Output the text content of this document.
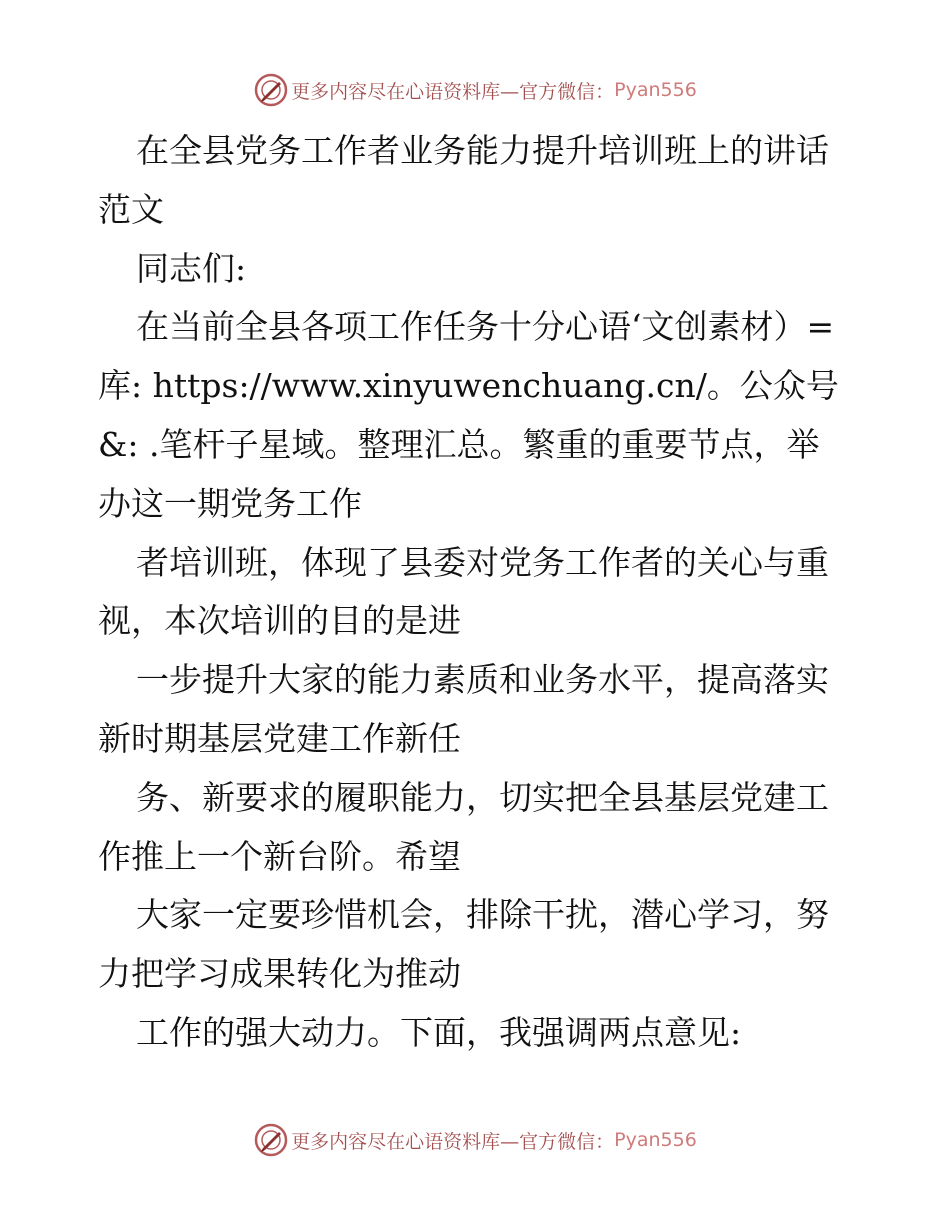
更多内容尽在心语资料库—官方微信： Pyan556
在全县党务工作者业务能力提升培训班上的讲话
范文
同志们:
在当前全县各项工作任务十分心语‘文创素材）=
库: https://www.xinyuwenchuang.cn/。公众号
&: .笔杆子星域。整理汇总。繁重的重要节点，举
办这一期党务工作
者培训班，体现了县委对党务工作者的关心与重
视，本次培训的目的是进
一步提升大家的能力素质和业务水平，提高落实
新时期基层党建工作新任
务、新要求的履职能力，切实把全县基层党建工
作推上一个新台阶。希望
大家一定要珍惜机会，排除干扰，潜心学习，努
力把学习成果转化为推动
工作的强大动力。下面，我强调两点意见:
更多内容尽在心语资料库—官方微信： Pyan556
